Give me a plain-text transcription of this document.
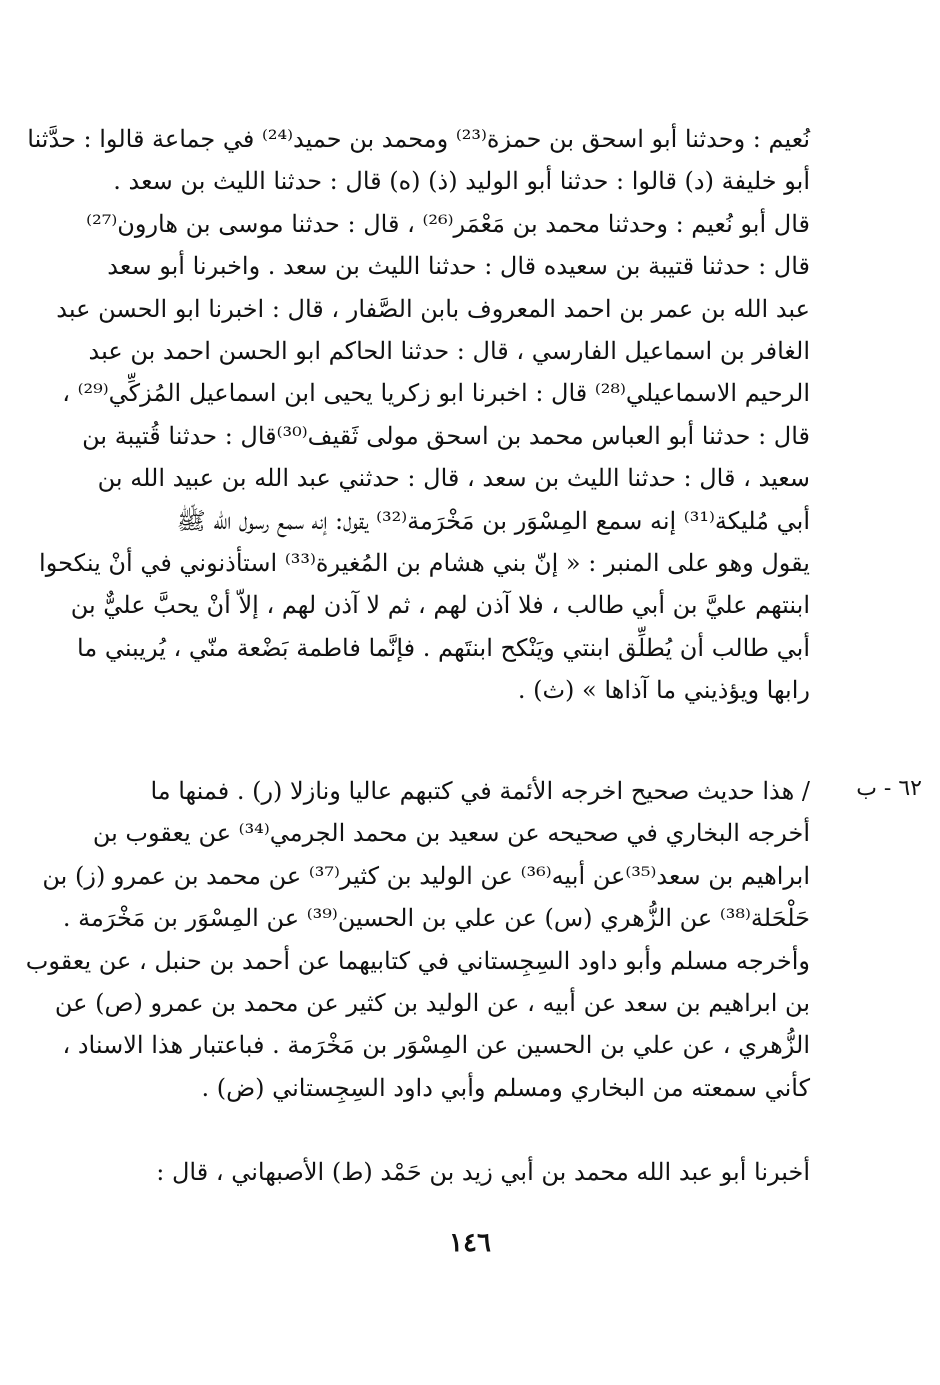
نُعيم : وحدثنا أبو اسحق بن حمزة⁽²³⁾ ومحمد بن حميد⁽²⁴⁾ في جماعة قالوا : حدَّثنا
أبو خليفة (د) قالوا : حدثنا أبو الوليد (ذ) (ه) قال : حدثنا الليث بن سعد .
قال أبو نُعيم : وحدثنا محمد بن مَعْمَر⁽²⁶⁾ ، قال : حدثنا موسى بن هارون⁽²⁷⁾
قال : حدثنا قتيبة بن سعيده قال : حدثنا الليث بن سعد . واخبرنا أبو سعد
عبد الله بن عمر بن احمد المعروف بابن الصَّفار ، قال : اخبرنا ابو الحسن عبد
الغافر بن اسماعيل الفارسي ، قال : حدثنا الحاكم ابو الحسن احمد بن عبد
الرحيم الاسماعيلي⁽²⁸⁾ قال : اخبرنا ابو زكريا يحيى ابن اسماعيل المُزكِّي⁽²⁹⁾ ،
قال : حدثنا أبو العباس محمد بن اسحق مولى ثَقيف⁽³⁰⁾قال : حدثنا قُتيبة بن
سعيد ، قال : حدثنا الليث بن سعد ، قال : حدثني عبد الله بن عبيد الله بن
أبي مُليكة⁽³¹⁾ إنه سمع المِسْوَر بن مَخْرَمة⁽³²⁾ يقول: إنه سمع رسول الله ﷺ
يقول وهو على المنبر : « إنّ بني هشام بن المُغيرة⁽³³⁾ استأذنوني في أنْ ينكحوا
ابنتهم عليَّ بن أبي طالب ، فلا آذن لهم ، ثم لا آذن لهم ، إلاّ أنْ يحبَّ عليٌّ بن
أبي طالب أن يُطلِّق ابنتي ويَنْكح ابنتَهم . فإنَّما فاطمة بَضْعة منّي ، يُريبني ما
رابها ويؤذيني ما آذاها » (ث) .
٦٢ - ب
/ هذا حديث صحيح اخرجه الأئمة في كتبهم عاليا ونازلا (ر) . فمنها ما
أخرجه البخاري في صحيحه عن سعيد بن محمد الجرمي⁽³⁴⁾ عن يعقوب بن
ابراهيم بن سعد⁽³⁵⁾عن أبيه⁽³⁶⁾ عن الوليد بن كثير⁽³⁷⁾ عن محمد بن عمرو (ز) بن
حَلْحَلة⁽³⁸⁾ عن الزُّهري (س) عن علي بن الحسين⁽³⁹⁾ عن المِسْوَر بن مَخْرَمة .
وأخرجه مسلم وأبو داود السِجِستاني في كتابيهما عن أحمد بن حنبل ، عن يعقوب
بن ابراهيم بن سعد عن أبيه ، عن الوليد بن كثير عن محمد بن عمرو (ص) عن
الزُّهري ، عن علي بن الحسين عن المِسْوَر بن مَخْرَمة . فباعتبار هذا الاسناد ،
كأني سمعته من البخاري ومسلم وأبي داود السِجِستاني (ض) .
أخبرنا أبو عبد الله محمد بن أبي زيد بن حَمْد (ط) الأصبهاني ، قال :
١٤٦
